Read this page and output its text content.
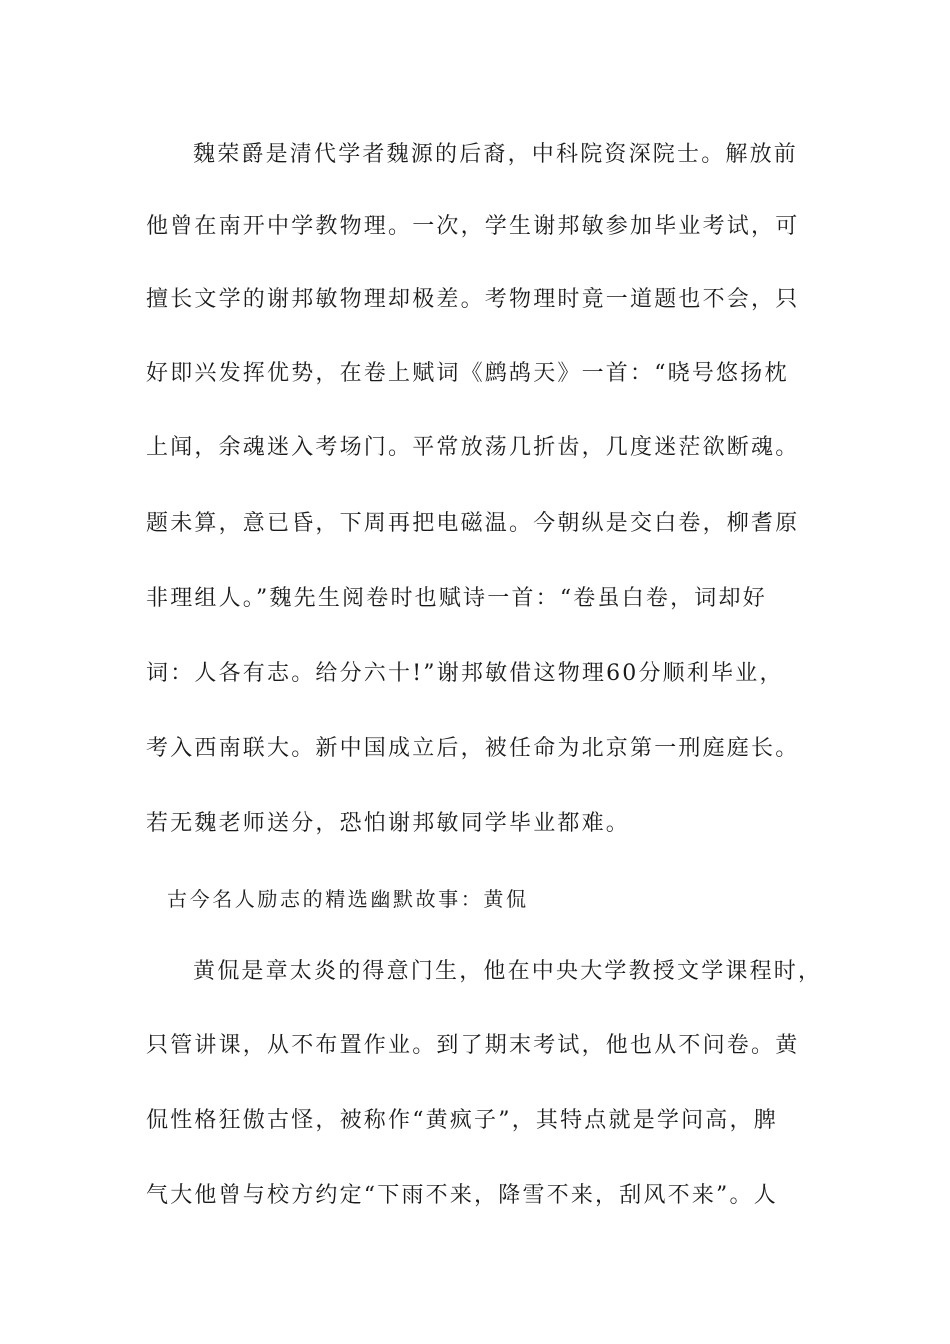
魏荣爵是清代学者魏源的后裔，中科院资深院士。解放前
他曾在南开中学教物理。一次，学生谢邦敏参加毕业考试，可
擅长文学的谢邦敏物理却极差。考物理时竟一道题也不会，只
好即兴发挥优势，在卷上赋词《鹧鸪天》一首：“晓号悠扬枕
上闻，余魂迷入考场门。平常放荡几折齿，几度迷茫欲断魂。
题未算，意已昏，下周再把电磁温。今朝纵是交白卷，柳耆原
非理组人。”魏先生阅卷时也赋诗一首：“卷虽白卷，词却好
词：人各有志。给分六十!”谢邦敏借这物理60分顺利毕业，
考入西南联大。新中国成立后，被任命为北京第一刑庭庭长。
若无魏老师送分，恐怕谢邦敏同学毕业都难。
古今名人励志的精选幽默故事：黄侃
黄侃是章太炎的得意门生，他在中央大学教授文学课程时，
只管讲课，从不布置作业。到了期末考试，他也从不问卷。黄
侃性格狂傲古怪，被称作“黄疯子”，其特点就是学问高，脾
气大他曾与校方约定“下雨不来，降雪不来，刮风不来”。人
